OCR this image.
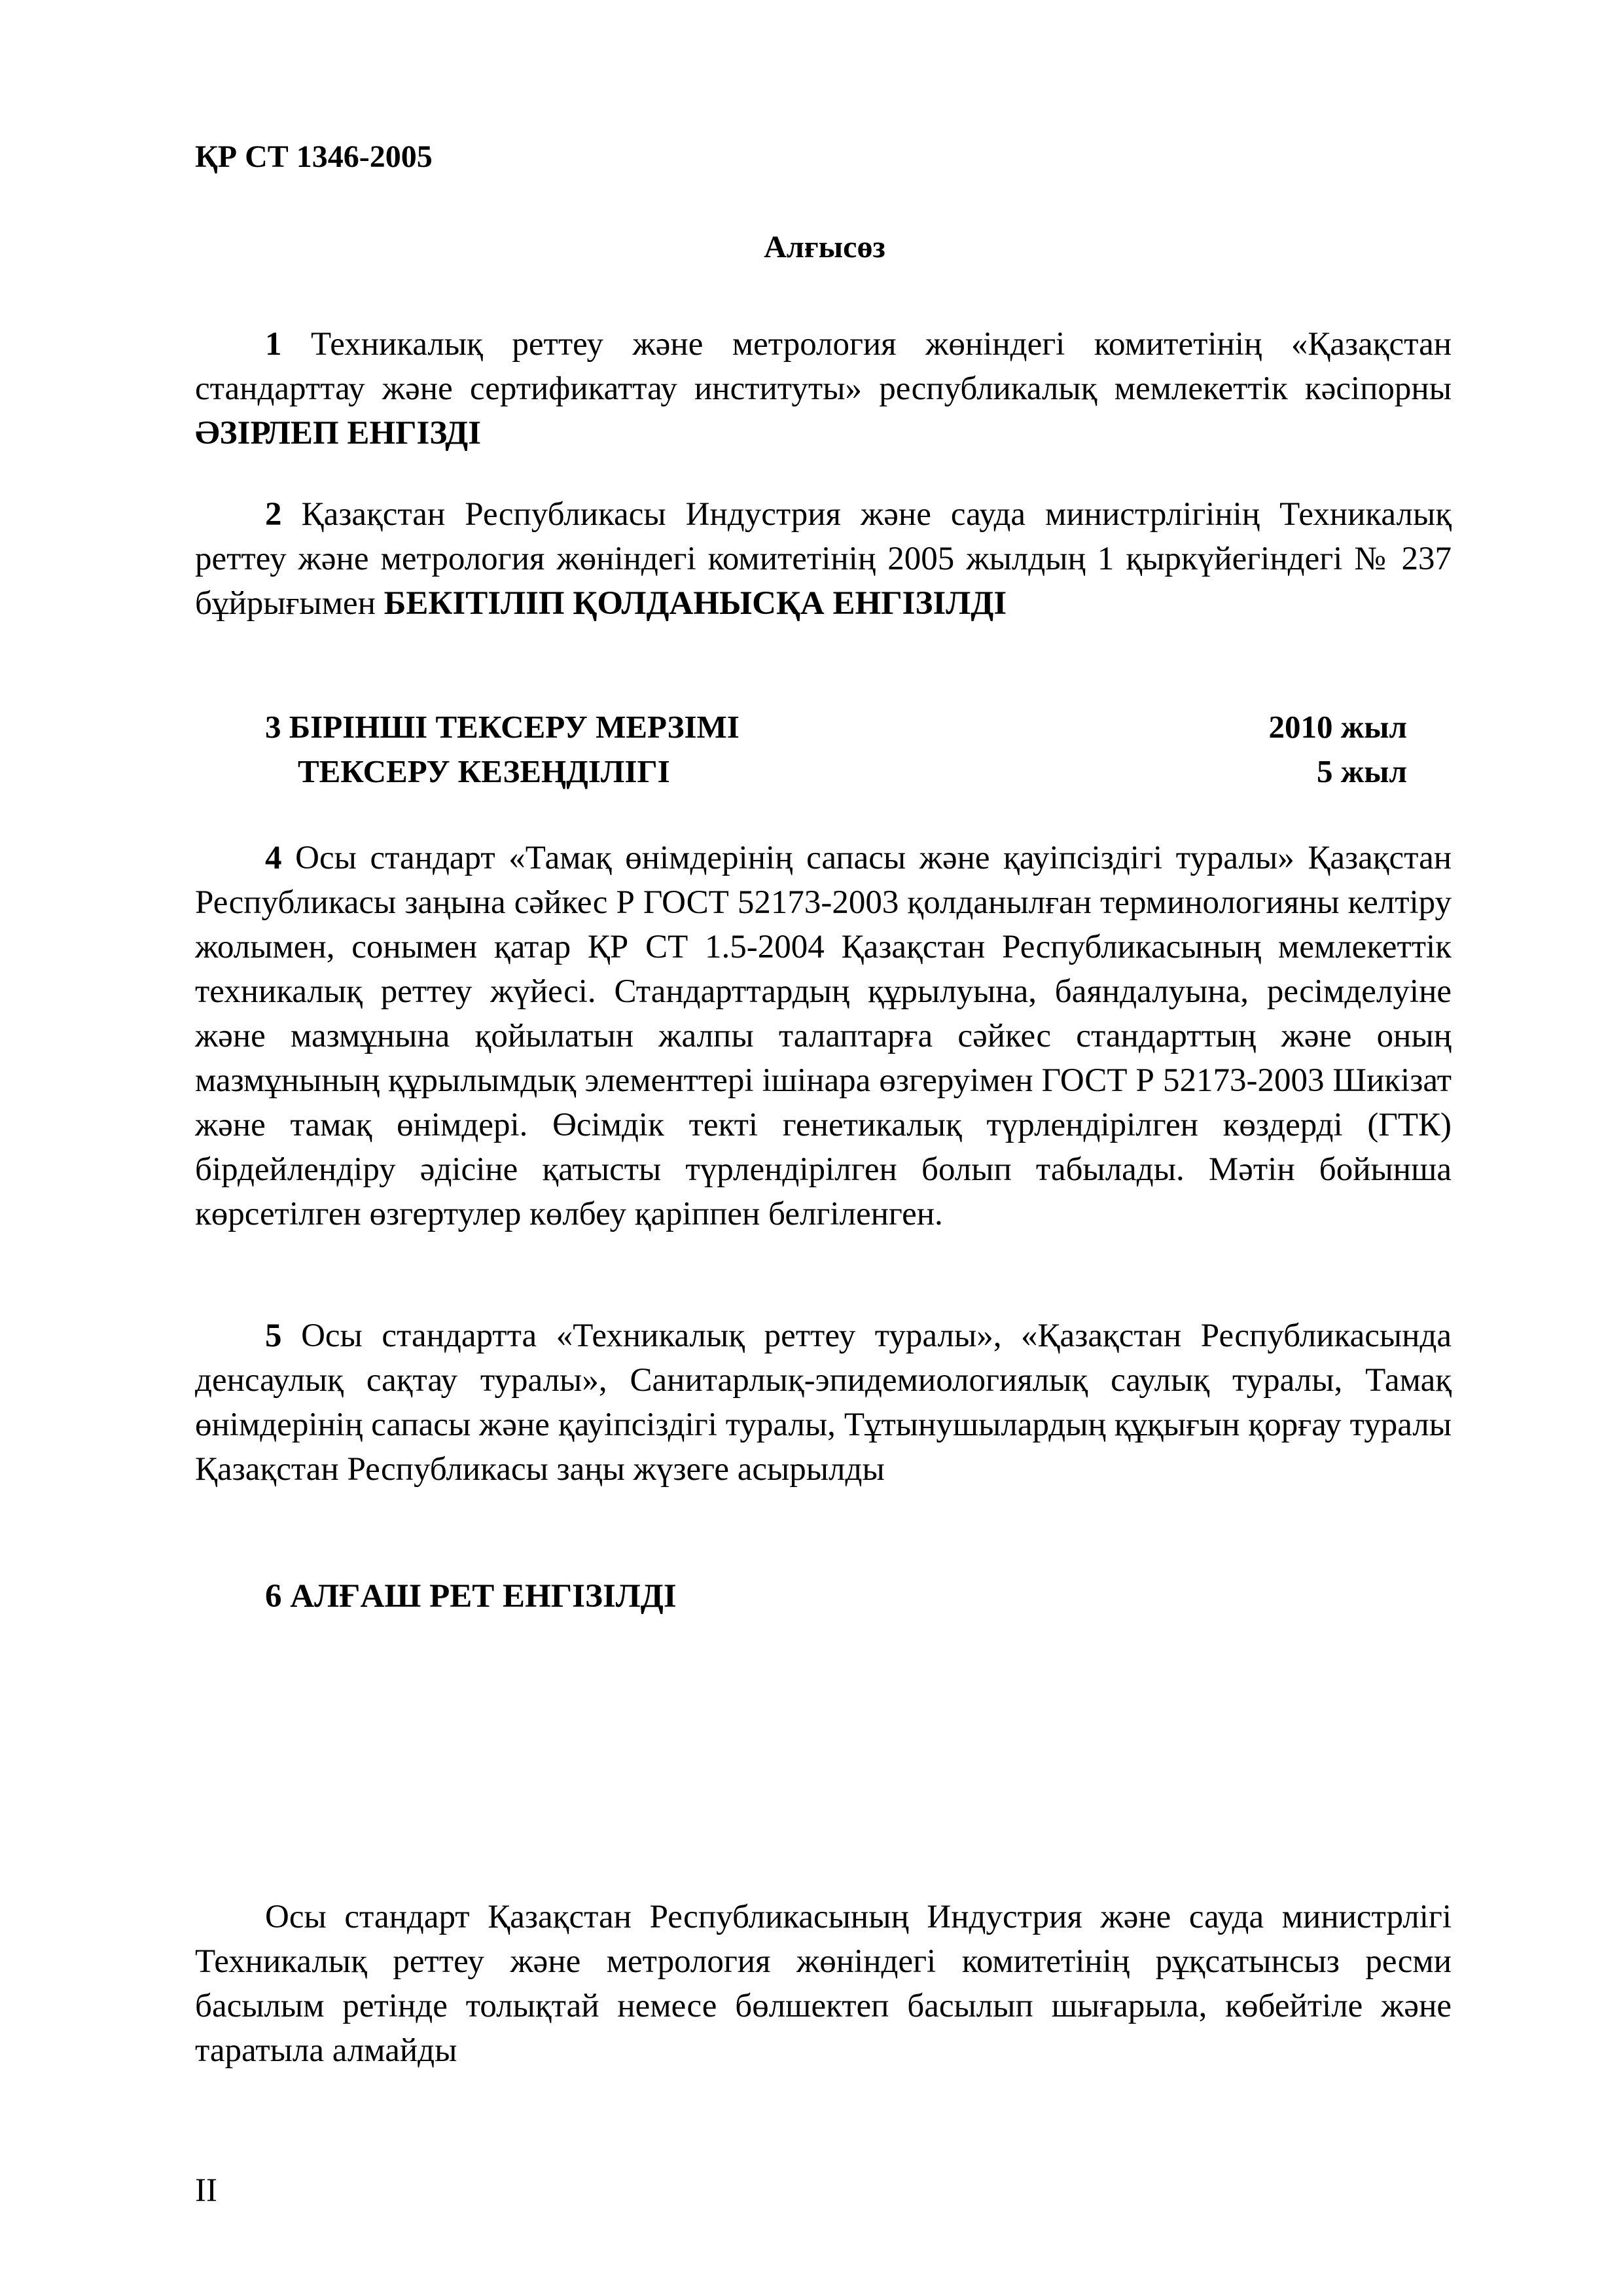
ҚР СТ 1346-2005
Алғысөз
1 Техникалық реттеу және метрология жөніндегі комитетінің «Қазақстан стандарттау және сертификаттау институты» республикалық мемлекеттік кәсіпорны ӘЗІРЛЕП ЕНГІЗДІ
2 Қазақстан Республикасы Индустрия және сауда министрлігінің Техникалық реттеу және метрология жөніндегі комитетінің 2005 жылдың 1 қыркүйегіндегі № 237 бұйрығымен БЕКІТІЛІП ҚОЛДАНЫСҚА ЕНГІЗІЛДІ
3 БІРІНШІ ТЕКСЕРУ МЕРЗІМІ	2010 жыл
ТЕКСЕРУ КЕЗЕҢДІЛІГІ	5 жыл
4 Осы стандарт «Тамақ өнімдерінің сапасы және қауіпсіздігі туралы» Қазақстан Республикасы заңына сәйкес Р ГОСТ 52173-2003 қолданылған терминологияны келтіру жолымен, сонымен қатар ҚР СТ 1.5-2004 Қазақстан Республикасының мемлекеттік техникалық реттеу жүйесі. Стандарттардың құрылуына, баяндалуына, ресімделуіне және мазмұнына қойылатын жалпы талаптарға сәйкес стандарттың және оның мазмұнының құрылымдық элементтері ішінара өзгеруімен ГОСТ Р 52173-2003 Шикізат және тамақ өнімдері. Өсімдік текті генетикалық түрлендірілген көздерді (ГТК) бірдейлендіру әдісіне қатысты түрлендірілген болып табылады. Мәтін бойынша көрсетілген өзгертулер көлбеу қаріппен белгіленген.
5 Осы стандартта «Техникалық реттеу туралы», «Қазақстан Республикасында денсаулық сақтау туралы», Санитарлық-эпидемиологиялық саулық туралы, Тамақ өнімдерінің сапасы және қауіпсіздігі туралы, Тұтынушылардың құқығын қорғау туралы Қазақстан Республикасы заңы жүзеге асырылды
6 АЛҒАШ РЕТ ЕНГІЗІЛДІ
Осы стандарт Қазақстан Республикасының Индустрия және сауда министрлігі Техникалық реттеу және метрология жөніндегі комитетінің рұқсатынсыз ресми басылым ретінде толықтай немесе бөлшектеп басылып шығарыла, көбейтіле және таратыла алмайды
II
